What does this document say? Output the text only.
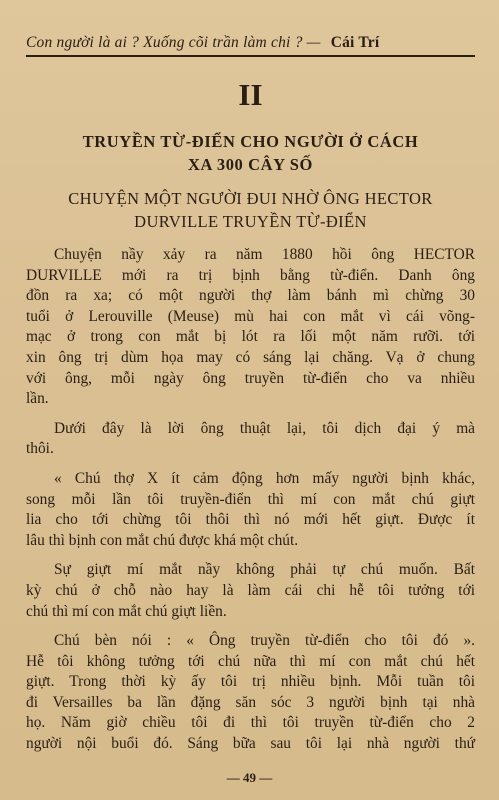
Con người là ai ? Xuống cõi trần làm chi ? — Cái Trí
II
TRUYỀN TỪ-ĐIỂN CHO NGƯỜI Ở CÁCH
XA 300 CÂY SỐ
CHUYỆN MỘT NGƯỜI ĐUI NHỜ ÔNG HECTOR
DURVILLE TRUYỀN TỪ-ĐIỂN
Chuyện nầy xảy ra năm 1880 hồi ông HECTOR
DURVILLE mới ra trị bịnh bằng từ-điển. Danh ông
đồn ra xa; có một người thợ làm bánh mì chừng 30
tuổi ở Lerouville (Meuse) mù hai con mắt vì cái võng-
mạc ở trong con mắt bị lót ra lối một năm rưỡi. tới
xin ông trị dùm họa may có sáng lại chăng. Vạ ở chung
với ông, mỗi ngày ông truyền từ-điển cho va nhiều
lần.
Dưới đây là lời ông thuật lại, tôi dịch đại ý mà
thôi.
« Chú thợ X ít cảm động hơn mấy người bịnh khác,
song mỗi lần tôi truyền-điển thì mí con mắt chú giựt
lia cho tới chừng tôi thôi thì nó mới hết giựt. Được ít
lâu thì bịnh con mắt chú được khá một chút.
Sự giựt mí mắt nầy không phải tự chú muốn. Bất
kỳ chú ở chỗ nào hay là làm cái chi hễ tôi tưởng tới
chú thì mí con mắt chú giựt liền.
Chú bèn nói : « Ông truyền từ-điển cho tôi đó ».
Hễ tôi không tưởng tới chú nữa thì mí con mắt chú hết
giựt. Trong thời kỳ ấy tôi trị nhiều bịnh. Mỗi tuần tôi
đi Versailles ba lần đặng săn sóc 3 người bịnh tại nhà
họ. Năm giờ chiều tôi đi thì tôi truyền từ-điển cho 2
người nội buổi đó. Sáng bữa sau tôi lại nhà người thứ
— 49 —
